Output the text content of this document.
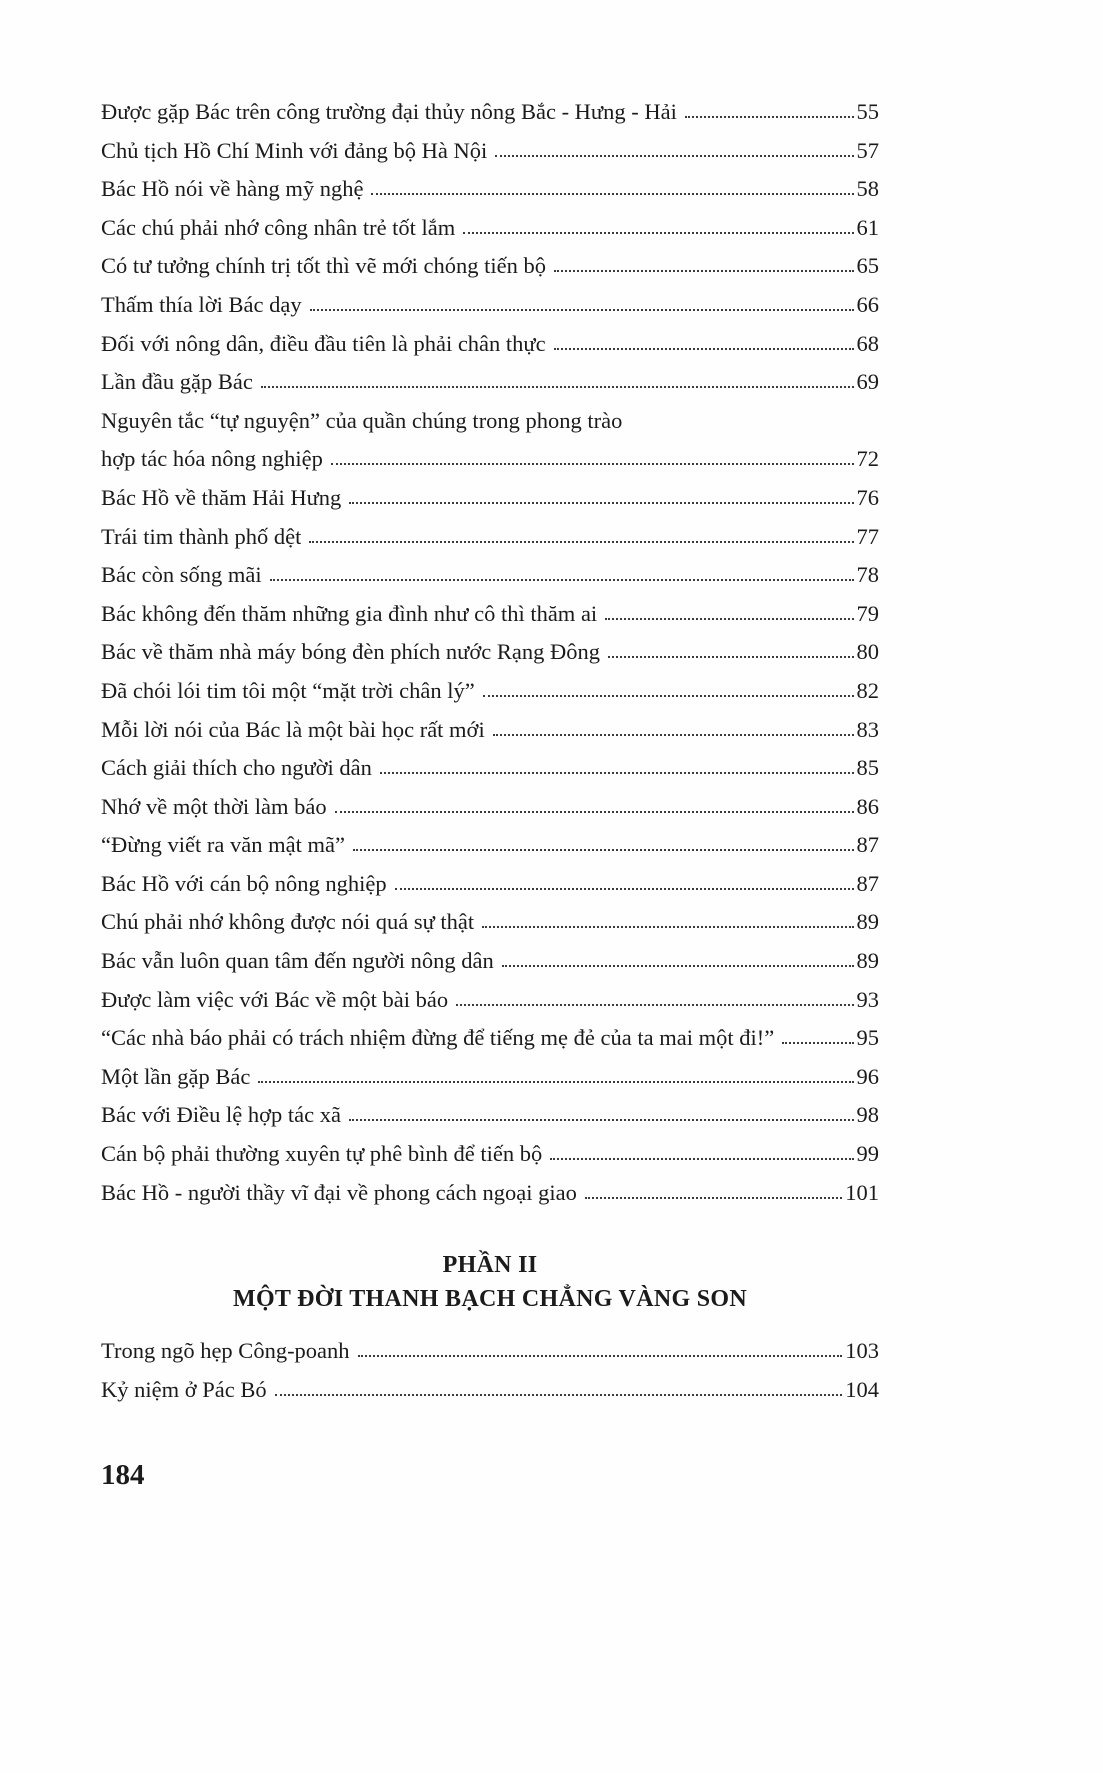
Được gặp Bác trên công trường đại thủy nông Bắc - Hưng - Hải	55
Chủ tịch Hồ Chí Minh với đảng bộ Hà Nội	57
Bác Hồ nói về hàng mỹ nghệ	58
Các chú phải nhớ công nhân trẻ tốt lắm	61
Có tư tưởng chính trị tốt thì vẽ mới chóng tiến bộ	65
Thấm thía lời Bác dạy	66
Đối với nông dân, điều đầu tiên là phải chân thực	68
Lần đầu gặp Bác	69
Nguyên tắc “tự nguyện” của quần chúng trong phong trào
hợp tác hóa nông nghiệp	72
Bác Hồ về thăm Hải Hưng	76
Trái tim thành phố dệt	77
Bác còn sống mãi	78
Bác không đến thăm những gia đình như cô thì thăm ai	79
Bác về thăm nhà máy bóng đèn phích nước Rạng Đông	80
Đã chói lói tim tôi một “mặt trời chân lý”	82
Mỗi lời nói của Bác là một bài học rất mới	83
Cách giải thích cho người dân	85
Nhớ về một thời làm báo	86
“Đừng viết ra văn mật mã”	87
Bác Hồ với cán bộ nông nghiệp	87
Chú phải nhớ không được nói quá sự thật	89
Bác vẫn luôn quan tâm đến người nông dân	89
Được làm việc với Bác về một bài báo	93
“Các nhà báo phải có trách nhiệm đừng để tiếng mẹ đẻ của ta mai một đi!”	95
Một lần gặp Bác	96
Bác với Điều lệ hợp tác xã	98
Cán bộ phải thường xuyên tự phê bình để tiến bộ	99
Bác Hồ - người thầy vĩ đại về phong cách ngoại giao	101
PHẦN II
MỘT ĐỜI THANH BẠCH CHẲNG VÀNG SON
Trong ngõ hẹp Công-poanh	103
Kỷ niệm ở Pác Bó	104
184
